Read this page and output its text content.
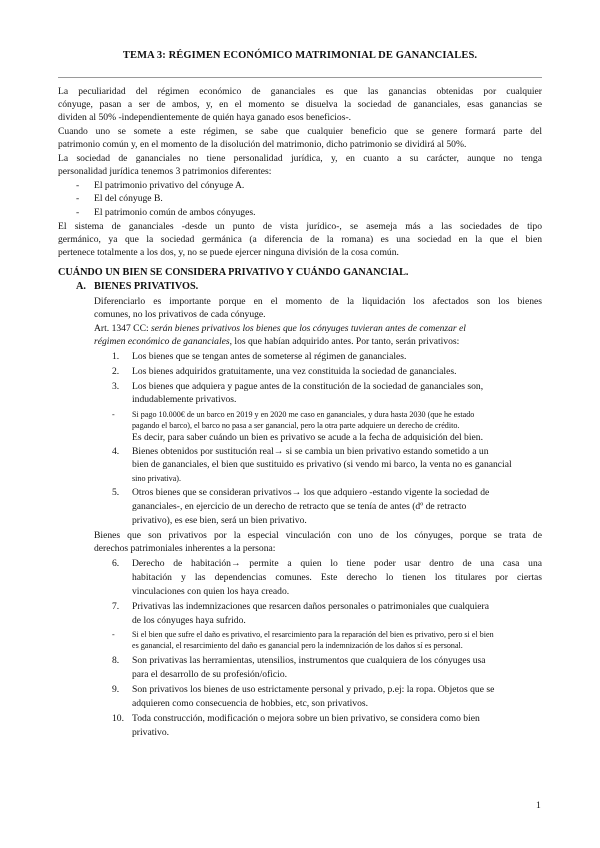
TEMA 3: RÉGIMEN ECONÓMICO MATRIMONIAL DE GANANCIALES.
La peculiaridad del régimen económico de gananciales es que las ganancias obtenidas por cualquier
cónyuge, pasan a ser de ambos, y, en el momento se disuelva la sociedad de gananciales, esas ganancias se
dividen al 50% -independientemente de quién haya ganado esos beneficios-.
Cuando uno se somete a este régimen, se sabe que cualquier beneficio que se genere formará parte del
patrimonio común y, en el momento de la disolución del matrimonio, dicho patrimonio se dividirá al 50%.
La sociedad de gananciales no tiene personalidad jurídica, y, en cuanto a su carácter, aunque no tenga
personalidad jurídica tenemos 3 patrimonios diferentes:
- El patrimonio privativo del cónyuge A.
- El del cónyuge B.
- El patrimonio común de ambos cónyuges.
El sistema de gananciales -desde un punto de vista jurídico-, se asemeja más a las sociedades de tipo
germánico, ya que la sociedad germánica (a diferencia de la romana) es una sociedad en la que el bien
pertenece totalmente a los dos, y, no se puede ejercer ninguna división de la cosa común.
CUÁNDO UN BIEN SE CONSIDERA PRIVATIVO Y CUÁNDO GANANCIAL.
A. BIENES PRIVATIVOS.
Diferenciarlo es importante porque en el momento de la liquidación los afectados son los bienes
comunes, no los privativos de cada cónyuge.
Art. 1347 CC: serán bienes privativos los bienes que los cónyuges tuvieran antes de comenzar el
régimen económico de gananciales, los que habían adquirido antes. Por tanto, serán privativos:
1. Los bienes que se tengan antes de someterse al régimen de gananciales.
2. Los bienes adquiridos gratuitamente, una vez constituida la sociedad de gananciales.
3. Los bienes que adquiera y pague antes de la constitución de la sociedad de gananciales son,
indudablemente privativos.
- Si pago 10.000€ de un barco en 2019 y en 2020 me caso en gananciales, y dura hasta 2030 (que he estado
pagando el barco), el barco no pasa a ser ganancial, pero la otra parte adquiere un derecho de crédito.
Es decir, para saber cuándo un bien es privativo se acude a la fecha de adquisición del bien.
4. Bienes obtenidos por sustitución real→ si se cambia un bien privativo estando sometido a un
bien de gananciales, el bien que sustituido es privativo (si vendo mi barco, la venta no es ganancial
sino privativa).
5. Otros bienes que se consideran privativos→ los que adquiero -estando vigente la sociedad de
gananciales-, en ejercicio de un derecho de retracto que se tenía de antes (dº de retracto
privativo), es ese bien, será un bien privativo.
Bienes que son privativos por la especial vinculación con uno de los cónyuges, porque se trata de
derechos patrimoniales inherentes a la persona:
6. Derecho de habitación→ permite a quien lo tiene poder usar dentro de una casa una
habitación y las dependencias comunes. Este derecho lo tienen los titulares por ciertas
vinculaciones con quien los haya creado.
7. Privativas las indemnizaciones que resarcen daños personales o patrimoniales que cualquiera
de los cónyuges haya sufrido.
- Si el bien que sufre el daño es privativo, el resarcimiento para la reparación del bien es privativo, pero si el bien
es ganancial, el resarcimiento del daño es ganancial pero la indemnización de los daños sí es personal.
8. Son privativas las herramientas, utensilios, instrumentos que cualquiera de los cónyuges usa
para el desarrollo de su profesión/oficio.
9. Son privativos los bienes de uso estrictamente personal y privado, p.ej: la ropa. Objetos que se
adquieren como consecuencia de hobbies, etc, son privativos.
10. Toda construcción, modificación o mejora sobre un bien privativo, se considera como bien
privativo.
1
